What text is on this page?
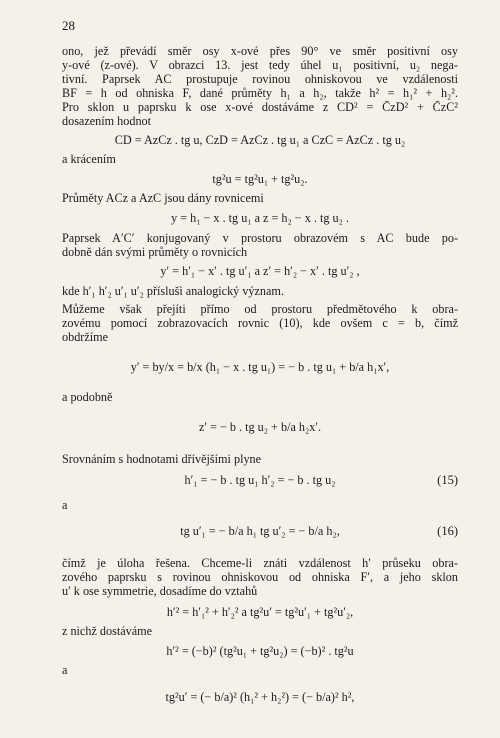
28
ono, jež převádí směr osy x-ové přes 90° ve směr positivní osy
y-ové (z-ové). V obrazci 13. jest tedy úhel u₁ positivní, u₂ nega-
tivní. Paprsek AC prostupuje rovinou ohniskovou ve vzdálenosti
BF = h od ohniska F, dané průměty h₁ a h₂, takže h² = h₁² + h₂².
Pro sklon u paprsku k ose x-ové dostáváme z CD² = C̄zD² + C̄zC²
dosazením hodnot
CD = AzCz . tg u, CzD = AzCz . tg u₁ a CzC = AzCz . tg u₂
a krácením
tg²u = tg²u₁ + tg²u₂.
Průměty ACz a AzC jsou dány rovnicemi
y = h₁ − x . tg u₁ a z = h₂ − x . tg u₂ .
Paprsek A′C′ konjugovaný v prostoru obrazovém s AC bude po-
dobně dán svými průměty o rovnicích
y′ = h′₁ − x′ . tg u′₁ a z′ = h′₂ − x′ . tg u′₂ ,
kde h′₁ h′₂ u′₁ u′₂ příslušì analogický význam.
Můžeme však přejíti přímo od prostoru předmětového k obra-
zovému pomocí zobrazovacích rovnic (10), kde ovšem c = b, čímž
obdržíme
y′ = by/x = b/x (h₁ − x . tg u₁) = − b . tg u₁ + b/a h₁x′,
a podobně
z′ = − b . tg u₂ + b/a h₂x′.
Srovnáním s hodnotami dřívějšími plyne
h′₁ = − b . tg u₁ h′₂ = − b . tg u₂	(15)
a
tg u′₁ = − b/a h₁ tg u′₂ = − b/a h₂,	(16)
čímž je úloha řešena. Chceme-li znáti vzdálenost h′ průseku obra-
zového paprsku s rovinou ohniskovou od ohniska F′, a jeho sklon
u′ k ose symmetrie, dosadíme do vztahů
h′² = h′₁² + h′₂² a tg²u′ = tg²u′₁ + tg²u′₂,
z nichž dostáváme
h′² = (−b)² (tg²u₁ + tg²u₂) = (−b)² . tg²u
a
tg²u′ = (− b/a)² (h₁² + h₂²) = (− b/a)² h²,
